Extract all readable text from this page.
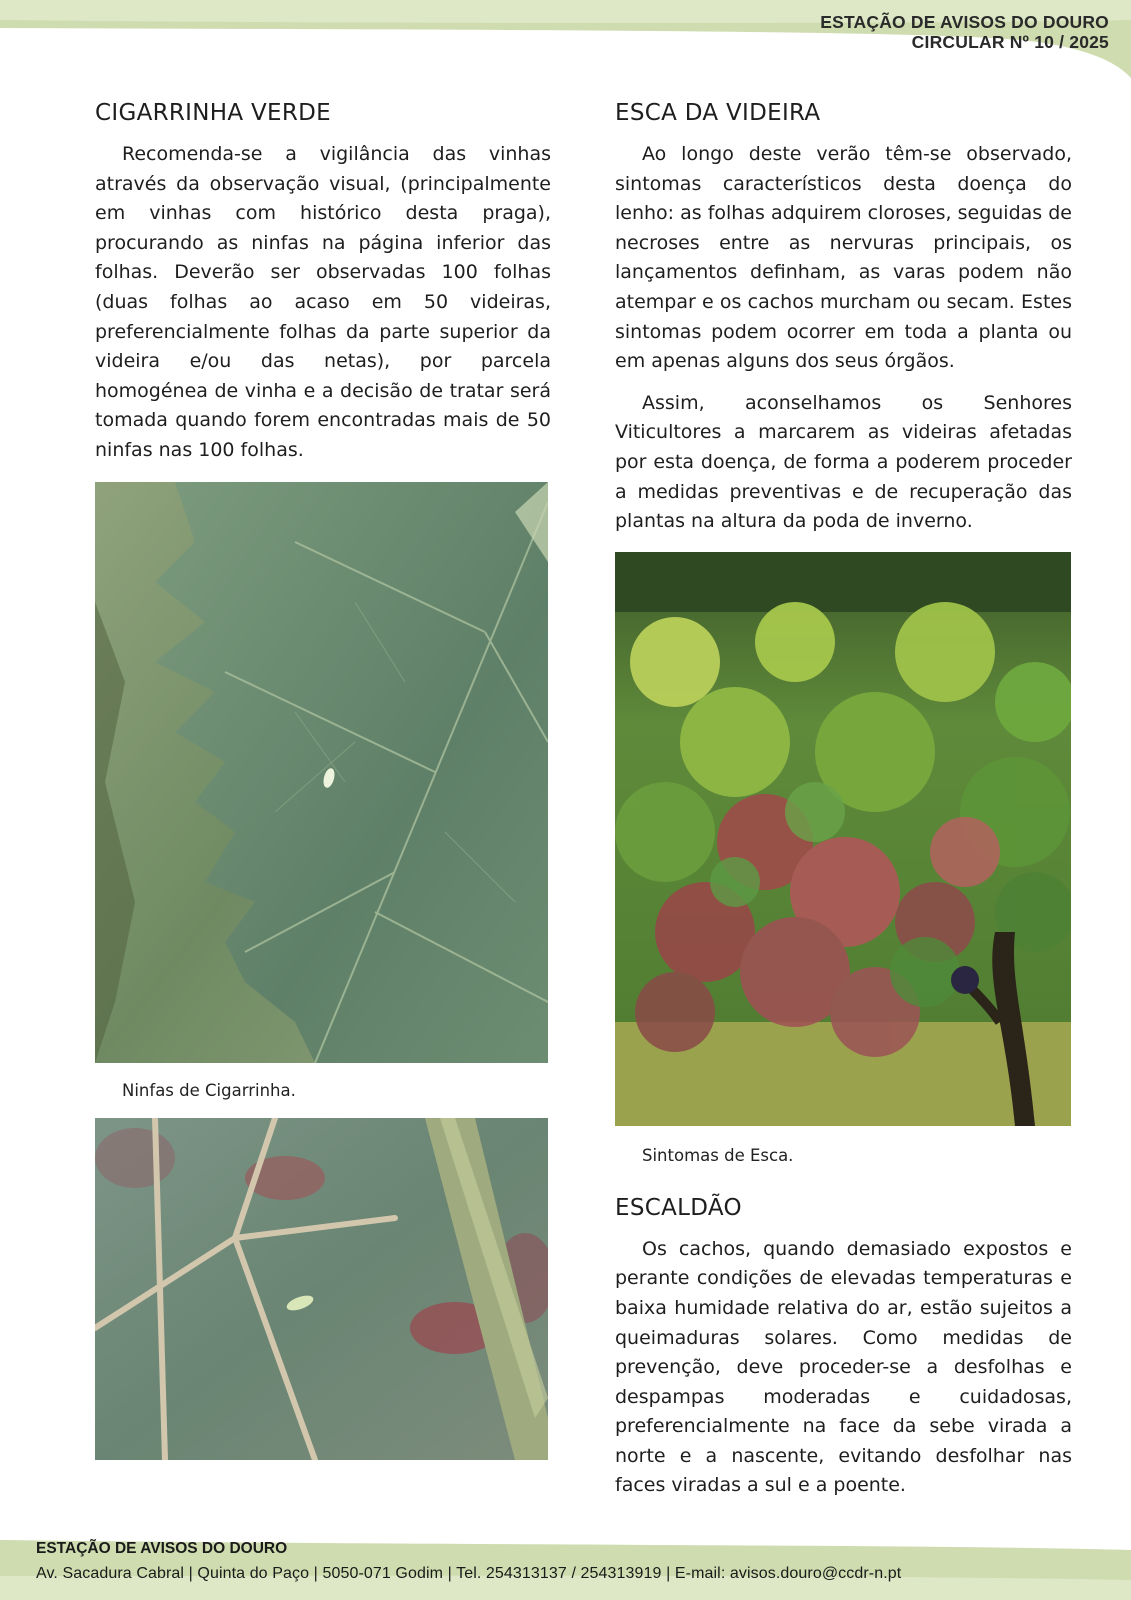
ESTAÇÃO DE AVISOS DO DOURO
CIRCULAR Nº 10 / 2025
CIGARRINHA VERDE

Recomenda-se a vigilância das vinhas através da observação visual, (principalmente em vinhas com histórico desta praga), procurando as ninfas na página inferior das folhas. Deverão ser observadas 100 folhas (duas folhas ao acaso em 50 videiras, preferencialmente folhas da parte superior da videira e/ou das netas), por parcela homogénea de vinha e a decisão de tratar será tomada quando forem encontradas mais de 50 ninfas nas 100 folhas.

Ninfas de Cigarrinha.
ESCA DA VIDEIRA

Ao longo deste verão têm-se observado, sintomas característicos desta doença do lenho: as folhas adquirem cloroses, seguidas de necroses entre as nervuras principais, os lançamentos definham, as varas podem não atempar e os cachos murcham ou secam. Estes sintomas podem ocorrer em toda a planta ou em apenas alguns dos seus órgãos.

Assim, aconselhamos os Senhores Viticultores a marcarem as videiras afetadas por esta doença, de forma a poderem proceder a medidas preventivas e de recuperação das plantas na altura da poda de inverno.

Sintomas de Esca.
ESCALDÃO

Os cachos, quando demasiado expostos e perante condições de elevadas temperaturas e baixa humidade relativa do ar, estão sujeitos a queimaduras solares. Como medidas de prevenção, deve proceder-se a desfolhas e despampas moderadas e cuidadosas, preferencialmente na face da sebe virada a norte e a nascente, evitando desfolhar nas faces viradas a sul e a poente.

ESTAÇÃO DE AVISOS DO DOURO
Av. Sacadura Cabral | Quinta do Paço | 5050-071 Godim | Tel. 254313137 / 254313919 | E-mail: avisos.douro@ccdr-n.pt
